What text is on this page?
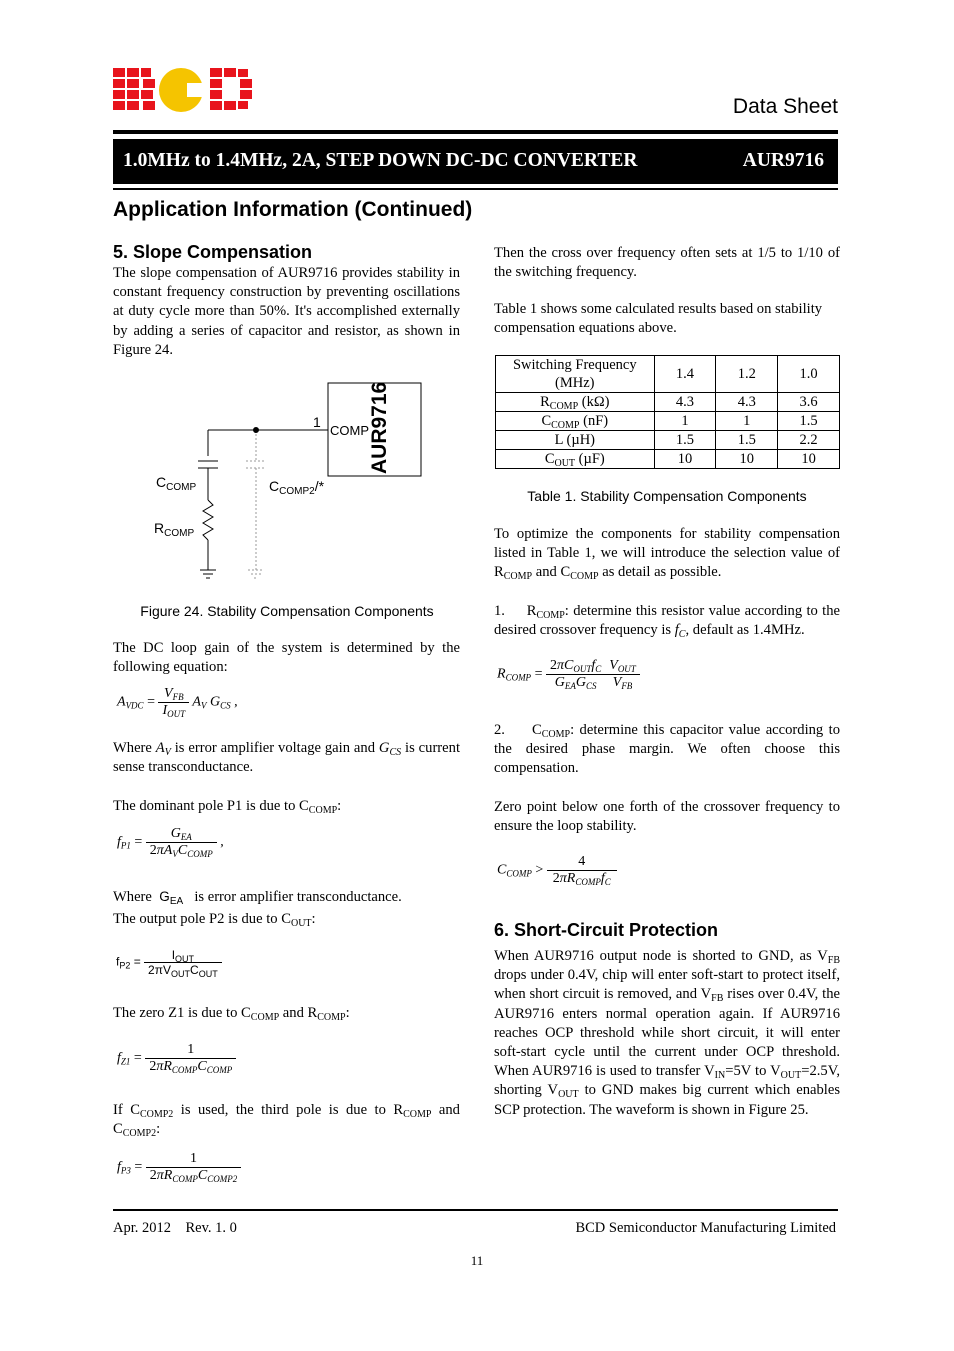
Data Sheet
1.0MHz to 1.4MHz, 2A, STEP DOWN DC-DC CONVERTER	AUR9716
Application Information (Continued)
5. Slope Compensation
The slope compensation of AUR9716 provides stability in constant frequency construction by preventing oscillations at duty cycle more than 50%. It's accomplished externally by adding a series of capacitor and resistor, as shown in Figure 24.
AUR9716
1
COMP
$C_{COMP}$	$C_{COMP2}/*$
$R_{COMP}$
Figure 24. Stability Compensation Components
The DC loop gain of the system is determined by the following equation:
$A_{VDC} = \frac{V_{FB}}{I_{OUT}} A_V$ $G_{CS}$ ,
Where $A_V$ is error amplifier voltage gain and $G_{CS}$ is current sense transconductance.
The dominant pole P1 is due to $C_{COMP}$:
$f_{P1} = \frac{G_{EA}}{2\pi A_VC_{COMP}}$ ,
Where  $G_{EA}$ is error amplifier transconductance.
The output pole P2 is due to $C_{OUT}$:
$f_{P2} = \frac{I_{OUT}}{2\pi V_{OUT}C_{OUT}}$
The zero Z1 is due to $C_{COMP}$ and $R_{COMP}$:
$f_{Z1} = \frac{1}{2\pi R_{COMP}C_{COMP}}$
If $C_{COMP2}$ is used, the third pole is due to $R_{COMP}$ and $C_{COMP2}$:
$f_{P3} = \frac{1}{2\pi R_{COMP}C_{COMP2}}$
Then the cross over frequency often sets at 1/5 to 1/10 of the switching frequency.
Table 1 shows some calculated results based on stability compensation equations above.
Switching Frequency (MHz)	1.4	1.2	1.0
$R_{COMP}$ (kΩ)	4.3	4.3	3.6
$C_{COMP}$ (nF)	1	1	1.5
L (µH)	1.5	1.5	2.2
$C_{OUT}$ (µF)	10	10	10
Table 1. Stability Compensation Components
To optimize the components for stability compensation listed in Table 1, we will introduce the selection value of $R_{COMP}$ and $C_{COMP}$ as detail as possible.
1.     $R_{COMP}$: determine this resistor value according to the desired crossover frequency is $f_C$, default as 1.4MHz.
$R_{COMP} = \frac{2\pi C_{OUT}f_C}{G_{EA}G_{CS}} \frac{V_{OUT}}{V_{FB}}$
2.     $C_{COMP}$: determine this capacitor value according to the desired phase margin. We often choose this compensation.
Zero point below one forth of the crossover frequency to ensure the loop stability.
$C_{COMP} > \frac{4}{2\pi R_{COMP}f_C}$
6. Short-Circuit Protection
When AUR9716 output node is shorted to GND, as $V_{FB}$ drops under 0.4V, chip will enter soft-start to protect itself, when short circuit is removed, and $V_{FB}$ rises over 0.4V, the AUR9716 enters normal operation again. If AUR9716 reaches OCP threshold while short circuit, it will enter soft-start cycle until the current under OCP threshold. When AUR9716 is used to transfer $V_{IN}=5V$ to $V_{OUT}=2.5V$, shorting $V_{OUT}$ to GND makes big current which enables SCP protection. The waveform is shown in Figure 25.
Apr. 2012 Rev. 1. 0	BCD Semiconductor Manufacturing Limited
11
